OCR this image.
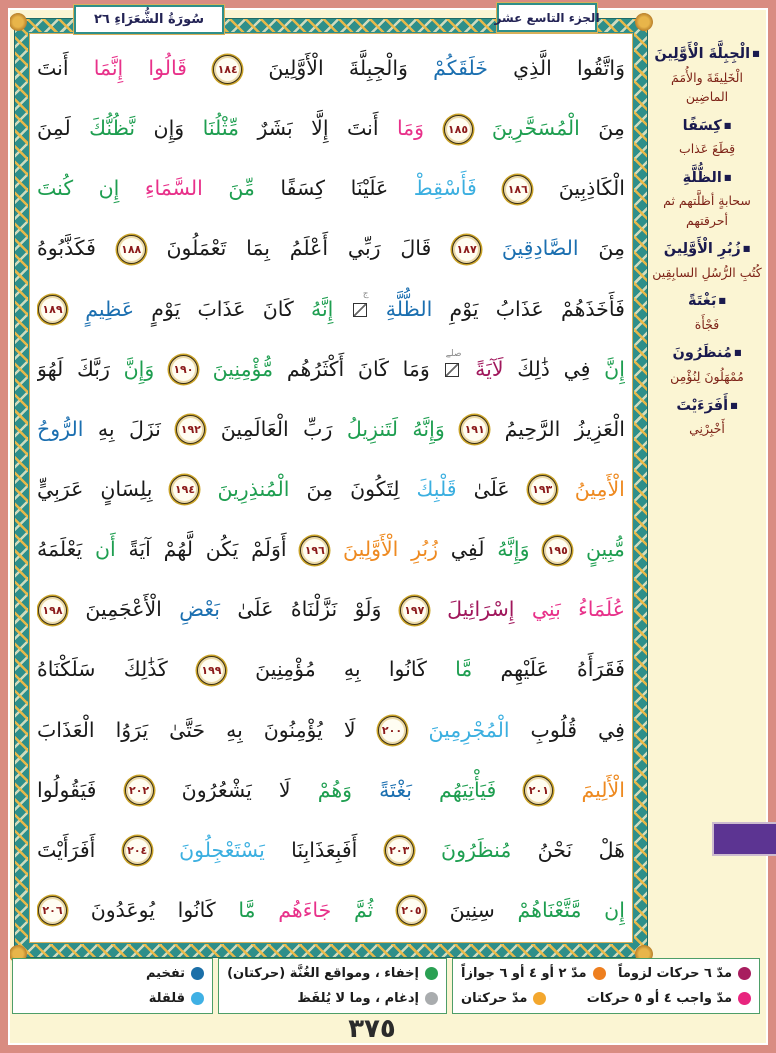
وَاتَّقُوا الَّذِي خَلَقَكُمْ وَالْجِبِلَّةَ الْأَوَّلِينَ ١٨٤ قَالُوا إِنَّمَا أَنتَ
مِنَ الْمُسَحَّرِينَ ١٨٥ وَمَا أَنتَ إِلَّا بَشَرٌ مِّثْلُنَا وَإِن نَّظُنُّكَ لَمِنَ
الْكَاذِبِينَ ١٨٦ فَأَسْقِطْ عَلَيْنَا كِسَفًا مِّنَ السَّمَاءِ إِن كُنتَ
مِنَ الصَّادِقِينَ ١٨٧ قَالَ رَبِّي أَعْلَمُ بِمَا تَعْمَلُونَ ١٨٨ فَكَذَّبُوهُ
فَأَخَذَهُمْ عَذَابُ يَوْمِ الظُّلَّةِ
ج
إِنَّهُ كَانَ عَذَابَ يَوْمٍ عَظِيمٍ ١٨٩
إِنَّ فِي ذَٰلِكَ لَآيَةً
صلے
وَمَا كَانَ أَكْثَرُهُم مُّؤْمِنِينَ ١٩٠ وَإِنَّ رَبَّكَ لَهُوَ
الْعَزِيزُ الرَّحِيمُ ١٩١ وَإِنَّهُ لَتَنزِيلُ رَبِّ الْعَالَمِينَ ١٩٢ نَزَلَ بِهِ الرُّوحُ
الْأَمِينُ ١٩٣ عَلَىٰ قَلْبِكَ لِتَكُونَ مِنَ الْمُنذِرِينَ ١٩٤ بِلِسَانٍ عَرَبِيٍّ
مُّبِينٍ ١٩٥ وَإِنَّهُ لَفِي زُبُرِ الْأَوَّلِينَ ١٩٦ أَوَلَمْ يَكُن لَّهُمْ آيَةً أَن يَعْلَمَهُ
عُلَمَاءُ بَنِي إِسْرَائِيلَ ١٩٧ وَلَوْ نَزَّلْنَاهُ عَلَىٰ بَعْضِ الْأَعْجَمِينَ ١٩٨
فَقَرَأَهُ عَلَيْهِم مَّا كَانُوا بِهِ مُؤْمِنِينَ ١٩٩ كَذَٰلِكَ سَلَكْنَاهُ
فِي قُلُوبِ الْمُجْرِمِينَ ٢٠٠ لَا يُؤْمِنُونَ بِهِ حَتَّىٰ يَرَوُا الْعَذَابَ
الْأَلِيمَ ٢٠١ فَيَأْتِيَهُم بَغْتَةً وَهُمْ لَا يَشْعُرُونَ ٢٠٢ فَيَقُولُوا
هَلْ نَحْنُ مُنظَرُونَ ٢٠٣ أَفَبِعَذَابِنَا يَسْتَعْجِلُونَ ٢٠٤ أَفَرَأَيْتَ
إِن مَّتَّعْنَاهُمْ سِنِينَ ٢٠٥ ثُمَّ جَاءَهُم مَّا كَانُوا يُوعَدُونَ ٢٠٦
سُورَةُ الشُّعَرَاءِ ٢٦	الجزء التاسع عشر
■الْجِبِلَّةَ الْأَوَّلِينَ
الْخَلِيقَةَ والأُمَمَ الماضِين
■كِسَفًا
قِطَعَ عَذاب
■الظُّلَّةِ
سحابةٍ أظلَّتهم ثم أحرقتهم
■زُبُرِ الْأَوَّلِينَ
كُتُبِ الرُّسُلِ السابِقِين
■بَغْتَةً
فَجْأَة
■مُنظَرُونَ
مُمْهَلُونَ لِنُؤْمِن
■أَفَرَءَيْتَ
أَخْبِرْنِي
مدّ ٦ حركات لزوماً
مدّ ٢ أو ٤ أو ٦ جوازاً
مدّ واجب ٤ أو ٥ حركات
مدّ حركتان
إخفاء ، ومواقع الغُنَّة (حركتان)
إدغام ، وما لا يُلفَظ
تفخيم
قلقلة
٣٧٥
